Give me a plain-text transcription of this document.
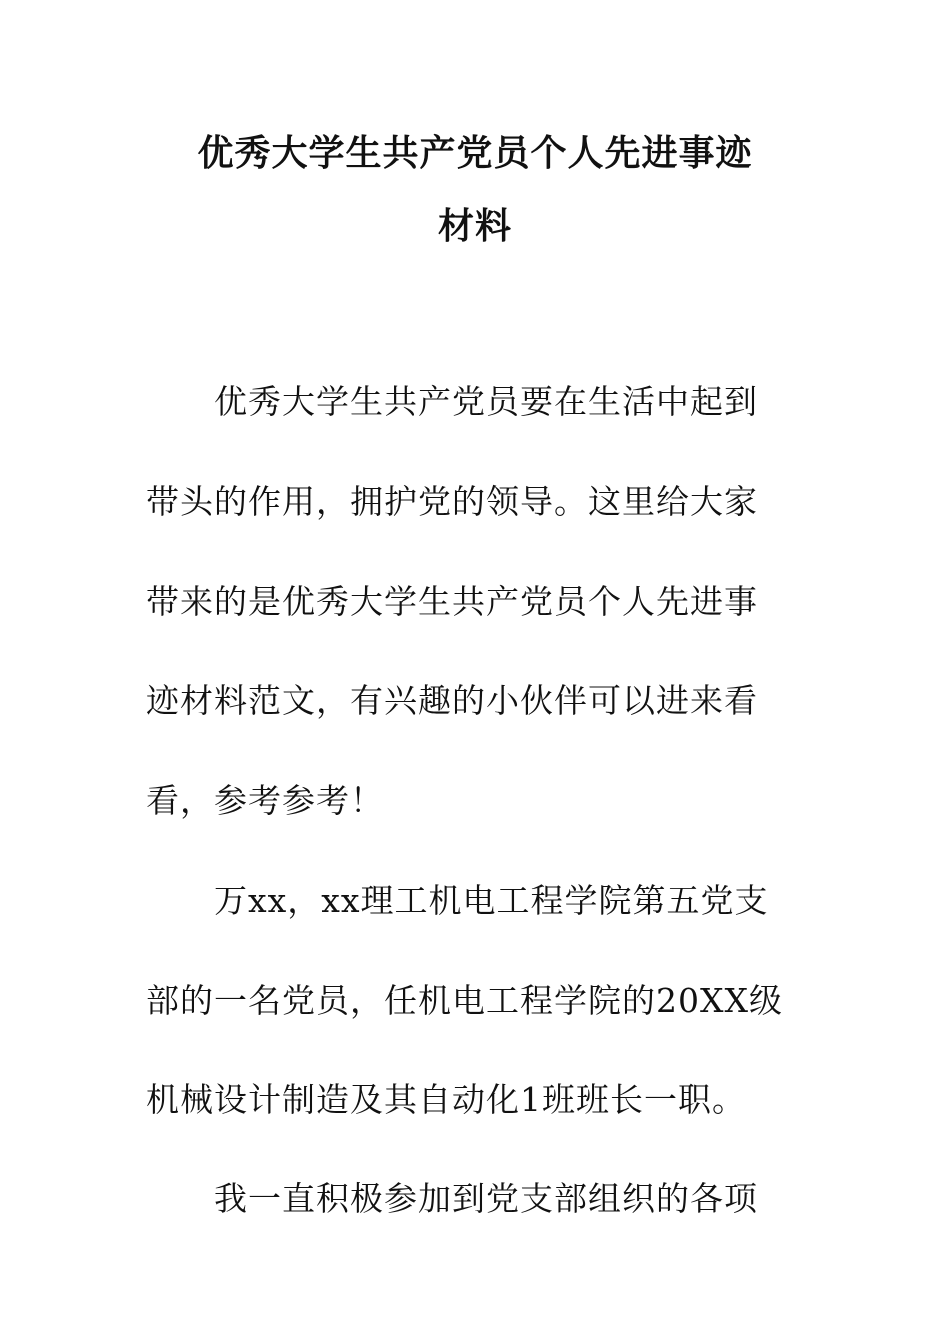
优秀大学生共产党员个人先进事迹
材料
优秀大学生共产党员要在生活中起到
带头的作用，拥护党的领导。这里给大家
带来的是优秀大学生共产党员个人先进事
迹材料范文，有兴趣的小伙伴可以进来看
看，参考参考！
万xx，xx理工机电工程学院第五党支
部的一名党员，任机电工程学院的20XX级
机械设计制造及其自动化1班班长一职。
我一直积极参加到党支部组织的各项
